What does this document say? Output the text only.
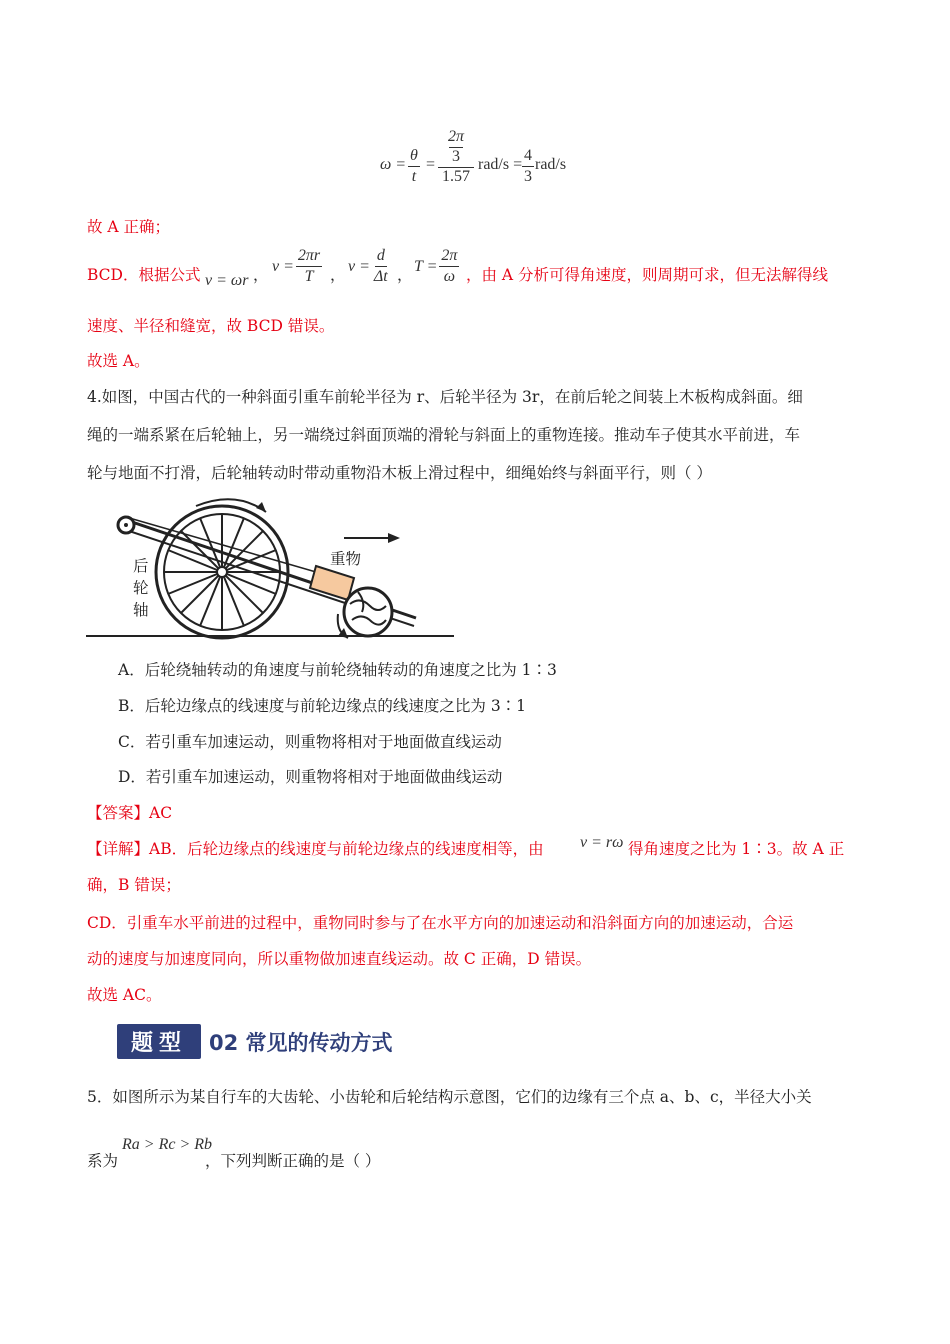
$\omega = \frac{\theta}{t}$ =
2π
3
1.57
$rad/s = \frac{4}{3} rad/s$
故 A 正确；
BCD．根据公式 v = ωr ， $v = \frac{2\pi r}{T}$ ， $v = \frac{d}{\Delta t}$ ， $T = \frac{2\pi}{\omega}$ ，由 A 分析可得角速度，则周期可求，但无法解得线
速度、半径和缝宽，故 BCD 错误。
故选 A。
4.如图，中国古代的一种斜面引重车前轮半径为 r、后轮半径为 3r，在前后轮之间装上木板构成斜面。细
绳的一端系紧在后轮轴上，另一端绕过斜面顶端的滑轮与斜面上的重物连接。推动车子使其水平前进，车
轮与地面不打滑，后轮轴转动时带动重物沿木板上滑过程中，细绳始终与斜面平行，则（ ）
重物
后
轮
轴
A．后轮绕轴转动的角速度与前轮绕轴转动的角速度之比为 1∶3
B．后轮边缘点的线速度与前轮边缘点的线速度之比为 3∶1
C．若引重车加速运动，则重物将相对于地面做直线运动
D．若引重车加速运动，则重物将相对于地面做曲线运动
【答案】AC
【详解】AB．后轮边缘点的线速度与前轮边缘点的线速度相等，由 v = rω 得角速度之比为 1∶3。故 A 正
确，B 错误；
CD．引重车水平前进的过程中，重物同时参与了在水平方向的加速运动和沿斜面方向的加速运动，合运
动的速度与加速度同向，所以重物做加速直线运动。故 C 正确，D 错误。
故选 AC。
题型	02 常见的传动方式
5．如图所示为某自行车的大齿轮、小齿轮和后轮结构示意图，它们的边缘有三个点 a、b、c，半径大小关
系为
Ra > Rc > Rb
，下列判断正确的是（ ）
